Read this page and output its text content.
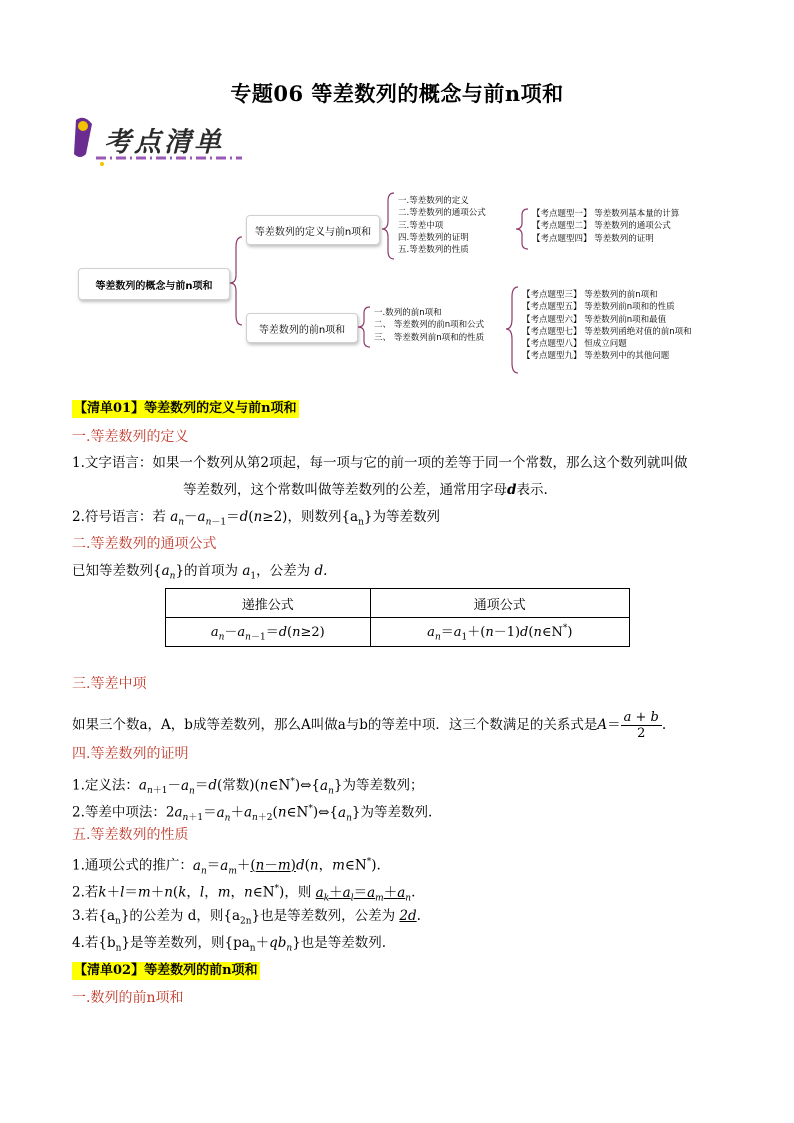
专题06 等差数列的概念与前n项和
考点清单
等差数列的概念与前n项和
等差数列的定义与前n项和
等差数列的前n项和
一.等差数列的定义
二.等差数列的通项公式
三.等差中项
四.等差数列的证明
五.等差数列的性质
【考点题型一】 等差数列基本量的计算
【考点题型二】 等差数列的通项公式
【考点题型四】 等差数列的证明
一.数列的前n项和
二、 等差数列的前n项和公式
三、 等差数列前n项和的性质
【考点题型三】 等差数列的前n项和
【考点题型五】 等差数列前n项和的性质
【考点题型六】 等差数列前n项和最值
【考点题型七】 等差数列函绝对值的前n项和
【考点题型八】 恒成立问题
【考点题型九】 等差数列中的其他问题
【清单01】等差数列的定义与前n项和
一.等差数列的定义
1.文字语言：如果一个数列从第2项起，每一项与它的前一项的差等于同一个常数，那么这个数列就叫做
等差数列，这个常数叫做等差数列的公差，通常用字母d表示.
2.符号语言：若 $a_n-a_{n-1}=d(n\ge 2)$，则数列$\{a_n\}$为等差数列
二.等差数列的通项公式
已知等差数列$\{a_n\}$的首项为 $a_1$，公差为 d.
递推公式	通项公式
$a_n-a_{n-1}=d(n\ge 2)$	$a_n=a_1+(n-1)d(n\in N^*)$
三.等差中项
如果三个数a，A，b成等差数列，那么A叫做a与b的等差中项．这三个数满足的关系式是$A= \frac{a + b}{2}$ .
四.等差数列的证明
1.定义法：$a_{n+1}-a_n=d$(常数)$(n\in N^*)\Leftrightarrow\{a_n\}$为等差数列；
2.等差中项法：$2a_{n+1}=a_n+a_{n+2}(n\in N^*)\Leftrightarrow\{a_n\}$为等差数列.
五.等差数列的性质
1.通项公式的推广：$a_n=a_m+(n-m)d(n$，m∈N*).
2.若k＋l＝m＋n(k，l，m，n∈N*)，则 $a_k+a_l=a_m+a_n$.
3.若$\{a_n\}$的公差为 d，则$\{a_{2n}\}$也是等差数列，公差为 2d.
4.若$\{b_n\}$是等差数列，则$\{pa_n+qb_n\}$也是等差数列.
【清单02】等差数列的前n项和
一.数列的前n项和
